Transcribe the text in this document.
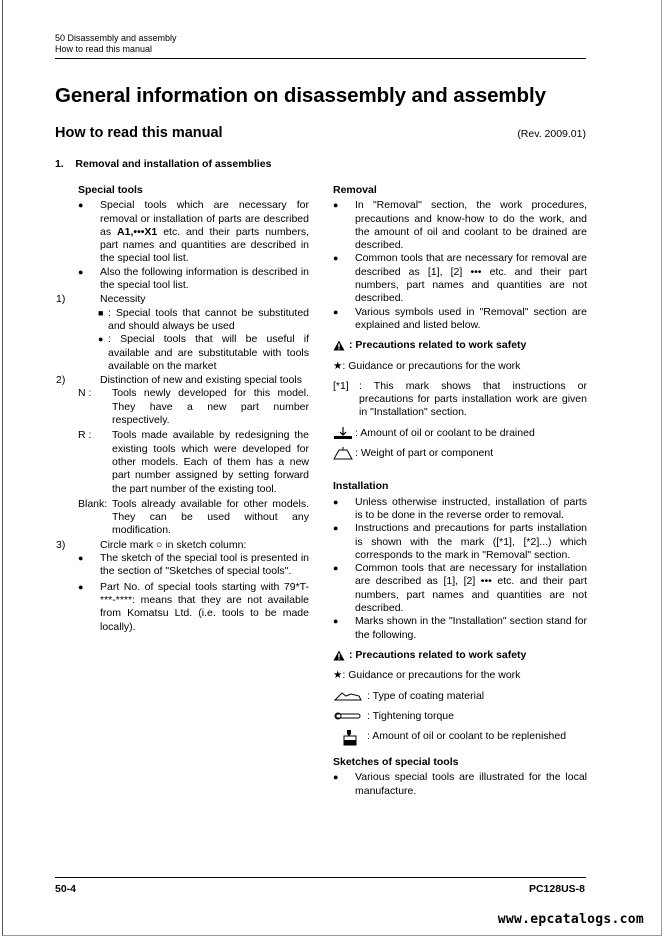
50 Disassembly and assembly
How to read this manual
General information on disassembly and assembly
How to read this manual	(Rev. 2009.01)
1.    Removal and installation of assemblies
Special tools
●	Special tools which are necessary for removal or installation of parts are described as A1,•••X1 etc. and their parts numbers, part names and quantities are described in the special tool list.
●	Also the following information is described in the special tool list.
1)	Necessity
■ : Special tools that cannot be substituted and should always be used
● : Special tools that will be useful if available and are substitutable with tools available on the market
2)	Distinction of new and existing special tools
N :	Tools newly developed for this model. They have a new part number respectively.
R :	Tools made available by redesigning the existing tools which were developed for other models. Each of them has a new part number assigned by setting forward the part number of the existing tool.
Blank: Tools already available for other models. They can be used without any modification.
3)	Circle mark ○ in sketch column:
●	The sketch of the special tool is presented in the section of "Sketches of special tools".
●	Part No. of special tools starting with 79*T-***-****: means that they are not available from Komatsu Ltd. (i.e. tools to be made locally).
Removal
●	In "Removal" section, the work procedures, precautions and know-how to do the work, and the amount of oil and coolant to be drained are described.
●	Common tools that are necessary for removal are described as [1], [2] ••• etc. and their part numbers, part names and quantities are not described.
●	Various symbols used in "Removal" section are explained and listed below.
: Precautions related to work safety
★ : Guidance or precautions for the work
[*1] : This mark shows that instructions or precautions for parts installation work are given in "Installation" section.
: Amount of oil or coolant to be drained
: Weight of part or component
Installation
●	Unless otherwise instructed, installation of parts is to be done in the reverse order to removal.
●	Instructions and precautions for parts installation is shown with the mark ([*1], [*2]...) which corresponds to the mark in "Removal" section.
●	Common tools that are necessary for installation are described as [1], [2] ••• etc. and their part numbers, part names and quantities are not described.
●	Marks shown in the "Installation" section stand for the following.
: Precautions related to work safety
★ : Guidance or precautions for the work
: Type of coating material
: Tightening torque
: Amount of oil or coolant to be replenished
Sketches of special tools
●	Various special tools are illustrated for the local manufacture.
50-4	PC128US-8
www.epcatalogs.com
